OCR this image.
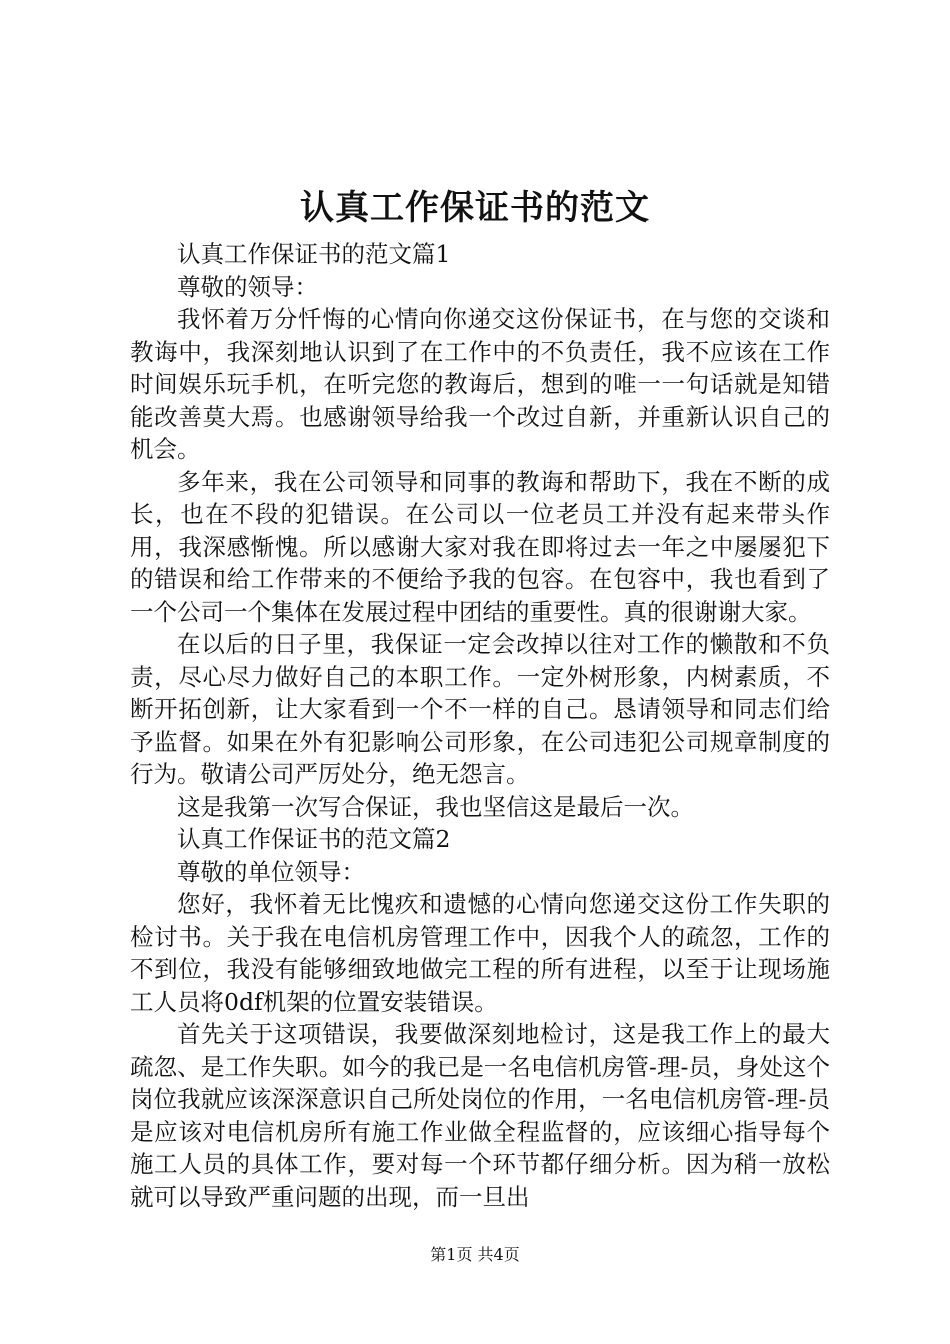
认真工作保证书的范文

认真工作保证书的范文篇1

尊敬的领导：

我怀着万分忏悔的心情向你递交这份保证书，在与您的交谈和教诲中，我深刻地认识到了在工作中的不负责任，我不应该在工作时间娱乐玩手机，在听完您的教诲后，想到的唯一一句话就是知错能改善莫大焉。也感谢领导给我一个改过自新，并重新认识自己的机会。

多年来，我在公司领导和同事的教诲和帮助下，我在不断的成长，也在不段的犯错误。在公司以一位老员工并没有起来带头作用，我深感惭愧。所以感谢大家对我在即将过去一年之中屡屡犯下的错误和给工作带来的不便给予我的包容。在包容中，我也看到了一个公司一个集体在发展过程中团结的重要性。真的很谢谢大家。

在以后的日子里，我保证一定会改掉以往对工作的懒散和不负责，尽心尽力做好自己的本职工作。一定外树形象，内树素质，不断开拓创新，让大家看到一个不一样的自己。恳请领导和同志们给予监督。如果在外有犯影响公司形象，在公司违犯公司规章制度的行为。敬请公司严厉处分，绝无怨言。

这是我第一次写合保证，我也坚信这是最后一次。

认真工作保证书的范文篇2

尊敬的单位领导：

您好，我怀着无比愧疚和遗憾的心情向您递交这份工作失职的检讨书。关于我在电信机房管理工作中，因我个人的疏忽，工作的不到位，我没有能够细致地做完工程的所有进程，以至于让现场施工人员将0df机架的位置安装错误。

首先关于这项错误，我要做深刻地检讨，这是我工作上的最大疏忽、是工作失职。如今的我已是一名电信机房管-理-员，身处这个岗位我就应该深深意识自己所处岗位的作用，一名电信机房管-理-员是应该对电信机房所有施工作业做全程监督的，应该细心指导每个施工人员的具体工作，要对每一个环节都仔细分析。因为稍一放松就可以导致严重问题的出现，而一旦出

第1页 共4页
